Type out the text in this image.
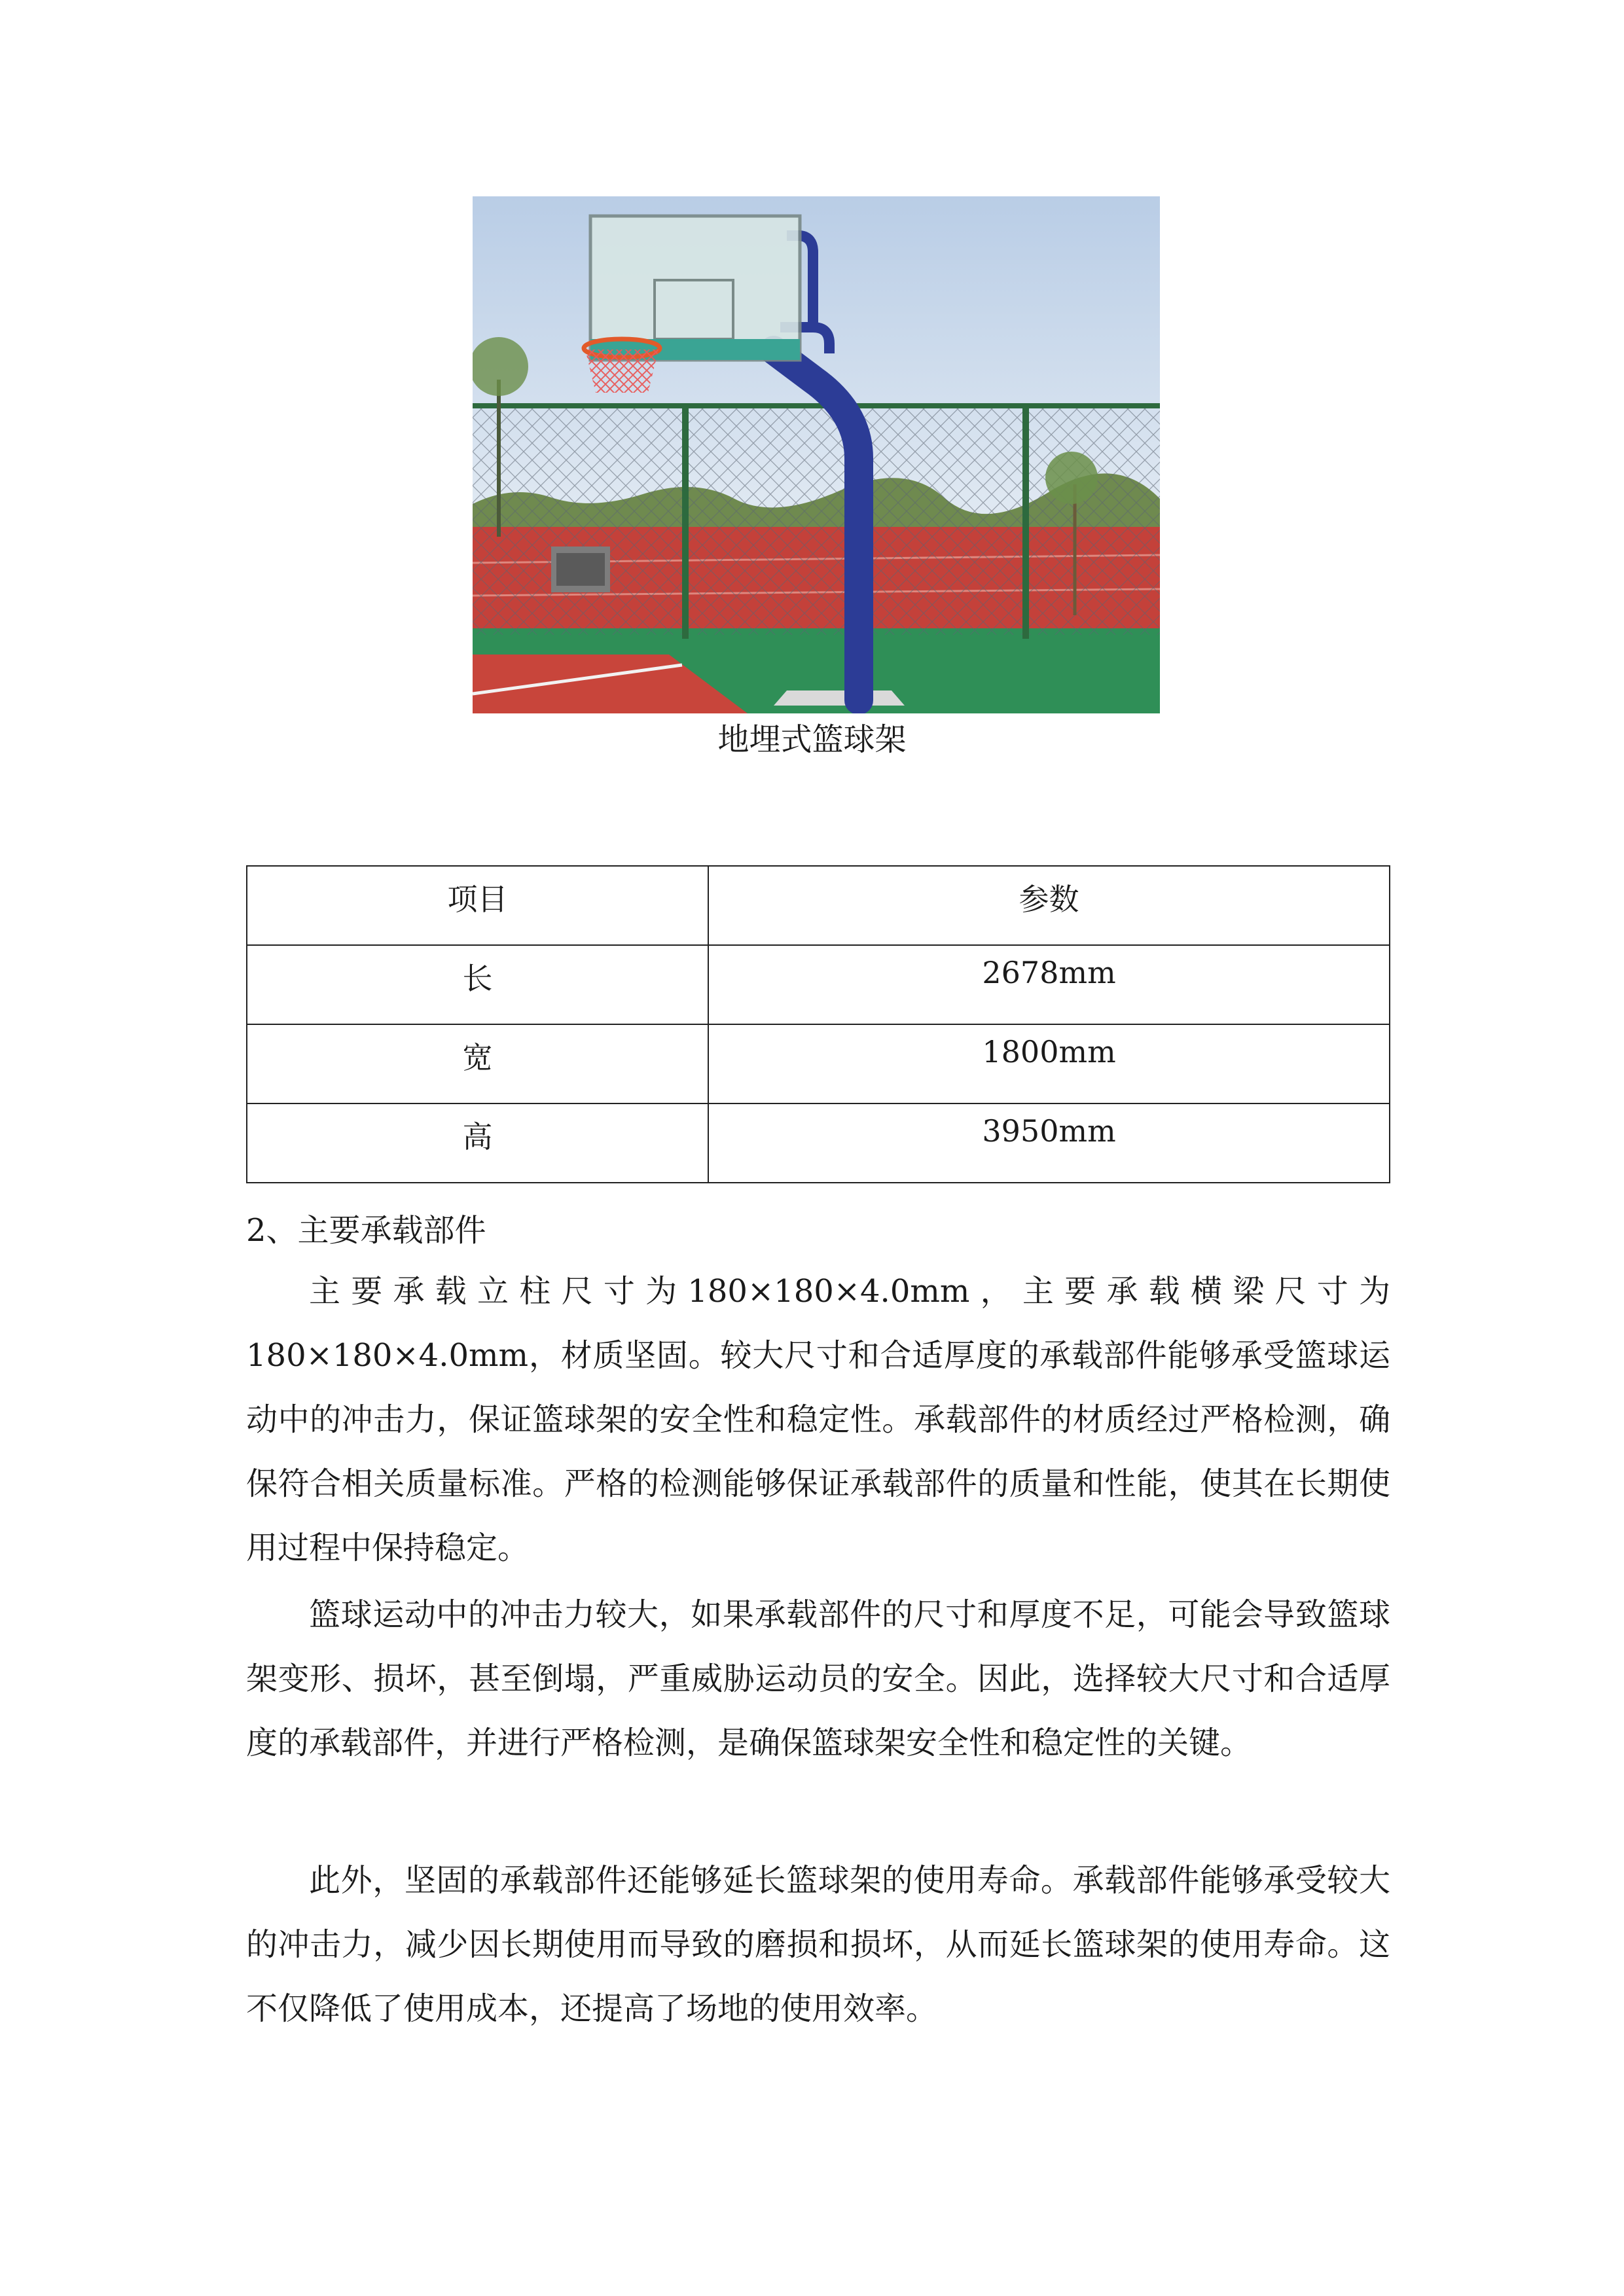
地埋式篮球架
项目	参数
长	2678mm
宽	1800mm
高	3950mm
2、主要承载部件

主要承载立柱尺寸为180×180×4.0mm，主要承载横梁尺寸为180×180×4.0mm，材质坚固。较大尺寸和合适厚度的承载部件能够承受篮球运动中的冲击力，保证篮球架的安全性和稳定性。承载部件的材质经过严格检测，确保符合相关质量标准。严格的检测能够保证承载部件的质量和性能，使其在长期使用过程中保持稳定。

篮球运动中的冲击力较大，如果承载部件的尺寸和厚度不足，可能会导致篮球架变形、损坏，甚至倒塌，严重威胁运动员的安全。因此，选择较大尺寸和合适厚度的承载部件，并进行严格检测，是确保篮球架安全性和稳定性的关键。

此外，坚固的承载部件还能够延长篮球架的使用寿命。承载部件能够承受较大的冲击力，减少因长期使用而导致的磨损和损坏，从而延长篮球架的使用寿命。这不仅降低了使用成本，还提高了场地的使用效率。
